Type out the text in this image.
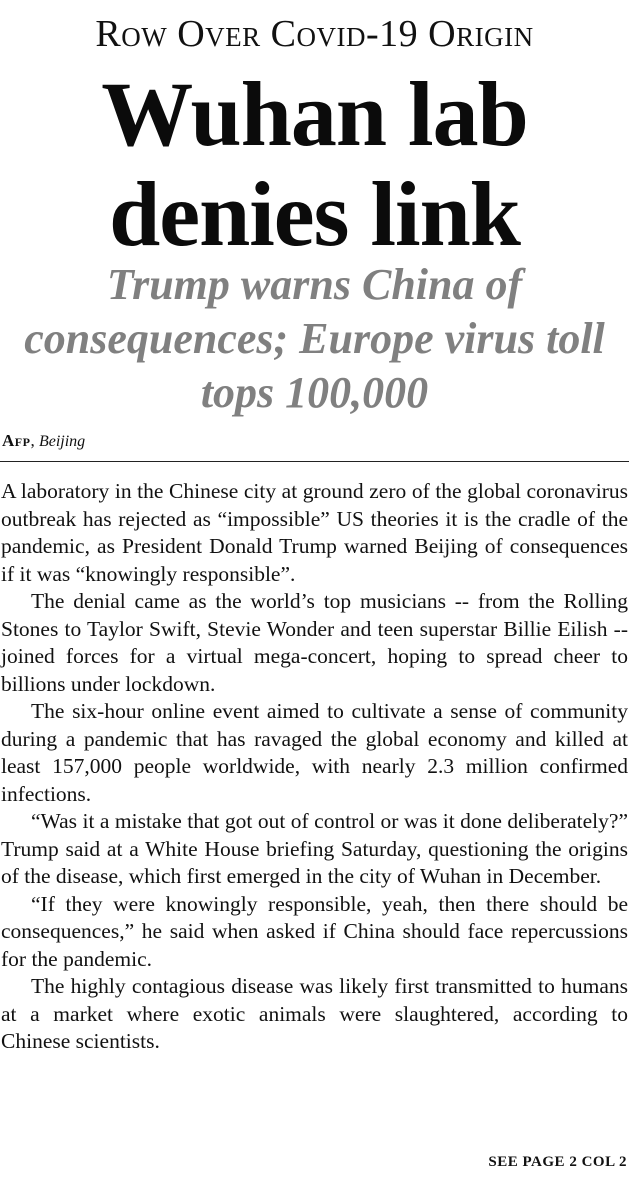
Row Over Covid-19 Origin
Wuhan lab
denies link
Trump warns China of consequences; Europe virus toll tops 100,000
Afp, Beijing

A laboratory in the Chinese city at ground zero of the global coronavirus outbreak has rejected as “impossible” US theories it is the cradle of the pandemic, as President Donald Trump warned Beijing of consequences if it was “knowingly responsible”.

The denial came as the world’s top musicians -- from the Rolling Stones to Taylor Swift, Stevie Wonder and teen superstar Billie Eilish -- joined forces for a virtual mega-concert, hoping to spread cheer to billions under lockdown.

The six-hour online event aimed to cultivate a sense of community during a pandemic that has ravaged the global economy and killed at least 157,000 people worldwide, with nearly 2.3 million confirmed infections.

“Was it a mistake that got out of control or was it done deliberately?” Trump said at a White House briefing Saturday, questioning the origins of the disease, which first emerged in the city of Wuhan in December.

“If they were knowingly responsible, yeah, then there should be consequences,” he said when asked if China should face repercussions for the pandemic.

The highly contagious disease was likely first transmitted to humans at a market where exotic animals were slaughtered, according to Chinese scientists.

SEE PAGE 2 COL 2
